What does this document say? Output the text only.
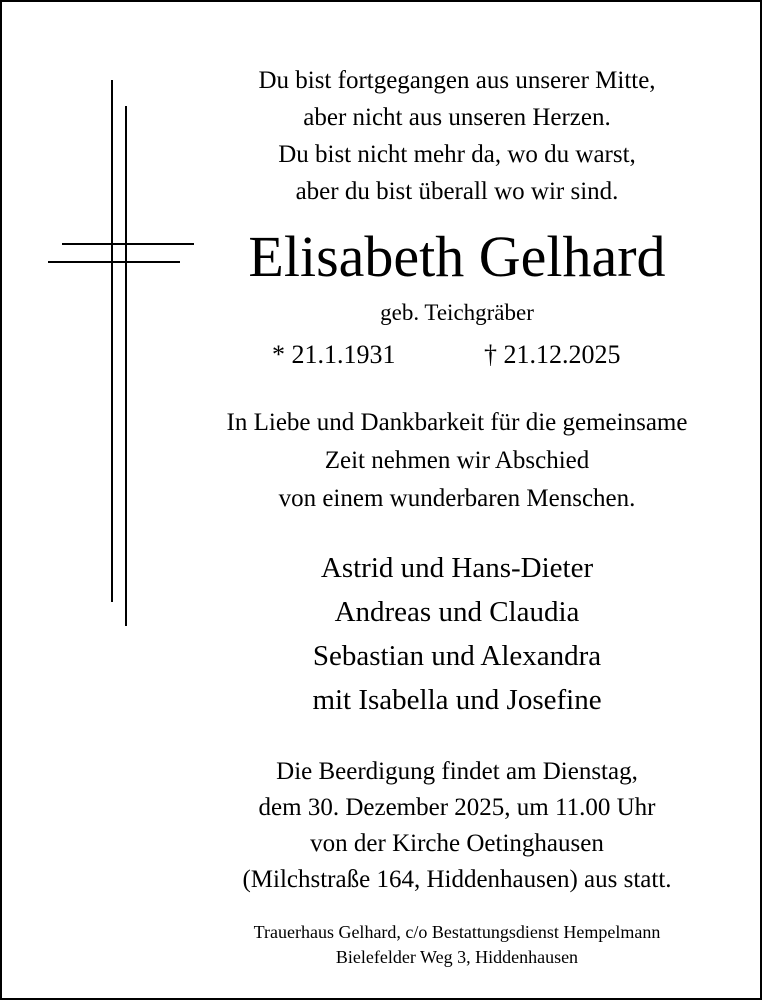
Du bist fortgegangen aus unserer Mitte,
aber nicht aus unseren Herzen.
Du bist nicht mehr da, wo du warst,
aber du bist überall wo wir sind.
Elisabeth Gelhard
geb. Teichgräber
* 21.1.1931	† 21.12.2025
In Liebe und Dankbarkeit für die gemeinsame
Zeit nehmen wir Abschied
von einem wunderbaren Menschen.
Astrid und Hans-Dieter
Andreas und Claudia
Sebastian und Alexandra
mit Isabella und Josefine
Die Beerdigung findet am Dienstag,
dem 30. Dezember 2025, um 11.00 Uhr
von der Kirche Oetinghausen
(Milchstraße 164, Hiddenhausen) aus statt.
Trauerhaus Gelhard, c/o Bestattungsdienst Hempelmann
Bielefelder Weg 3, Hiddenhausen
